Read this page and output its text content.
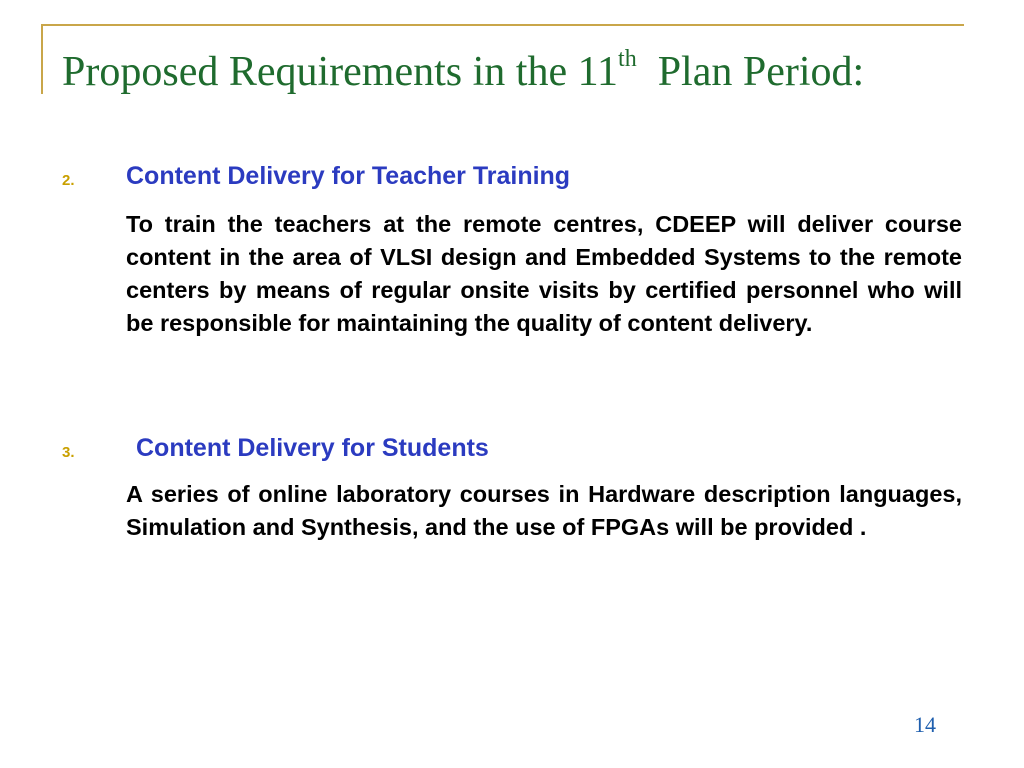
Proposed Requirements in the 11th Plan Period:
2. Content Delivery for Teacher Training

To train the teachers at the remote centres, CDEEP will deliver course content in the area of VLSI design and Embedded Systems to the remote centers by means of regular onsite visits by certified personnel who will be responsible for maintaining the quality of content delivery.

3. Content Delivery for Students

A series of online laboratory courses in Hardware description languages, Simulation and Synthesis, and the use of FPGAs will be provided .

14
